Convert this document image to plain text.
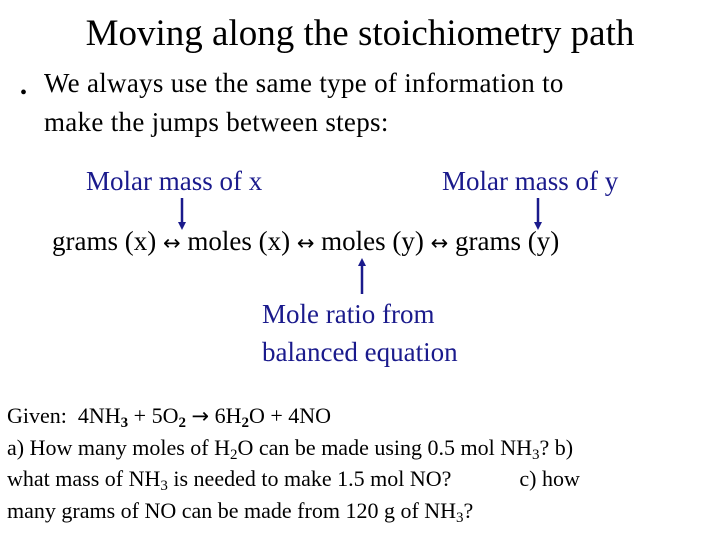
Moving along the stoichiometry path
• We always use the same type of information to
make the jumps between steps:
Molar mass of x	Molar mass of y
grams (x) ↔ moles (x) ↔ moles (y) ↔ grams (y)
Mole ratio from
balanced equation
Given: $4NH_3 + 5O_2 \to 6H_2O + 4NO$
a) How many moles of $H_2O$ can be made using 0.5 mol $NH_3$? b)
what mass of $NH_3$ is needed to make 1.5 mol NO?	c) how
many grams of NO can be made from 120 g of $NH_3$?
